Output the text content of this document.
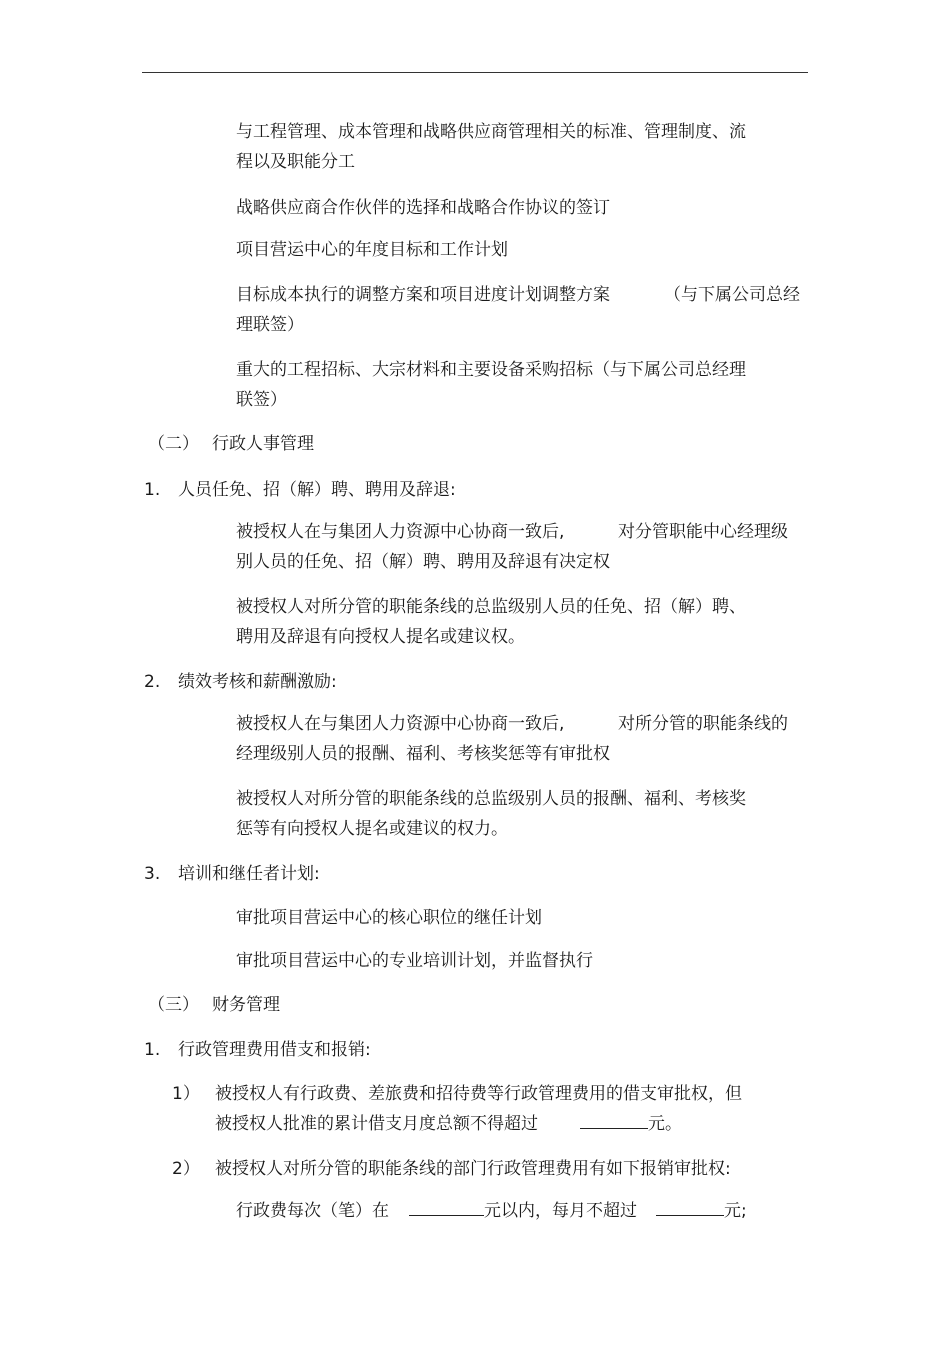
与工程管理、成本管理和战略供应商管理相关的标准、管理制度、流
程以及职能分工
战略供应商合作伙伴的选择和战略合作协议的签订
项目营运中心的年度目标和工作计划
目标成本执行的调整方案和项目进度计划调整方案	（与下属公司总经
理联签）
重大的工程招标、大宗材料和主要设备采购招标（与下属公司总经理
联签）
（二） 行政人事管理
1. 人员任免、招（解）聘、聘用及辞退:
被授权人在与集团人力资源中心协商一致后,	对分管职能中心经理级
别人员的任免、招（解）聘、聘用及辞退有决定权
被授权人对所分管的职能条线的总监级别人员的任免、招（解）聘、
聘用及辞退有向授权人提名或建议权。
2. 绩效考核和薪酬激励:
被授权人在与集团人力资源中心协商一致后,	对所分管的职能条线的
经理级别人员的报酬、福利、考核奖惩等有审批权
被授权人对所分管的职能条线的总监级别人员的报酬、福利、考核奖
惩等有向授权人提名或建议的权力。
3. 培训和继任者计划:
审批项目营运中心的核心职位的继任计划
审批项目营运中心的专业培训计划，并监督执行
（三） 财务管理
1. 行政管理费用借支和报销:
1） 被授权人有行政费、差旅费和招待费等行政管理费用的借支审批权，但
被授权人批准的累计借支月度总额不得超过	元。
2） 被授权人对所分管的职能条线的部门行政管理费用有如下报销审批权:
行政费每次（笔）在	元以内，每月不超过	元;
